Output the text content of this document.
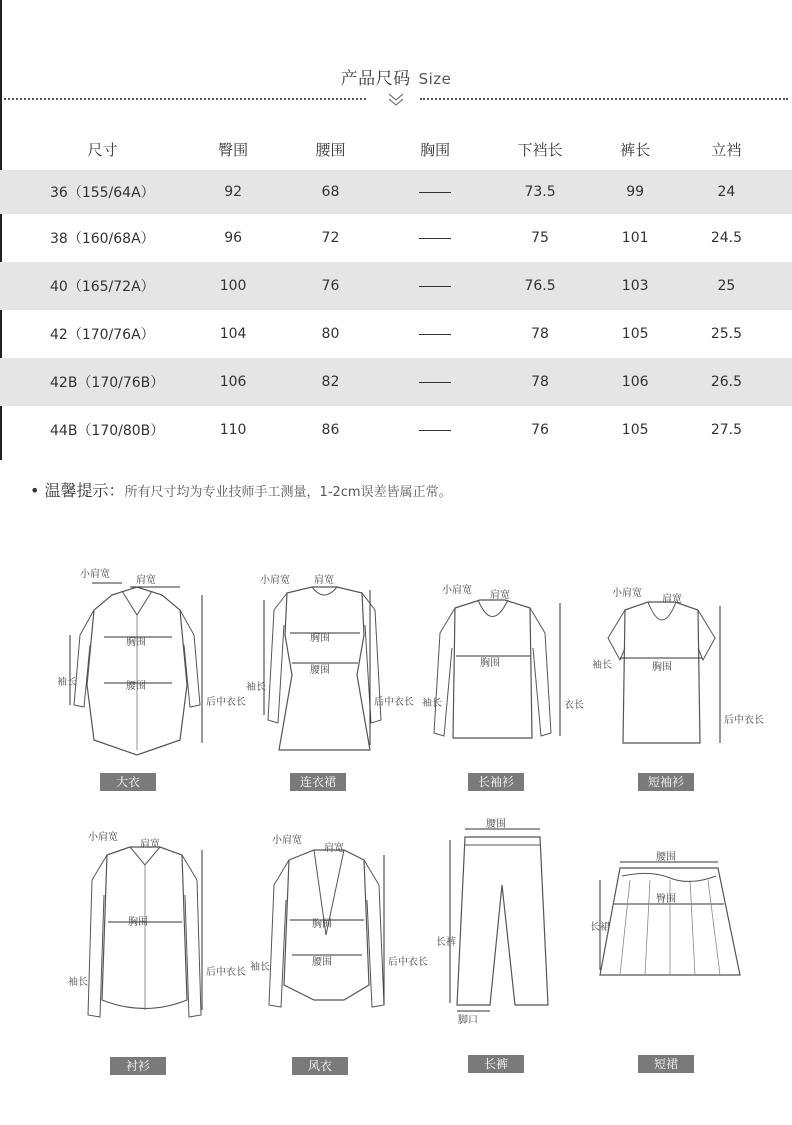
产品尺码 Size
尺寸	臀围	腰围	胸围	下裆长	裤长	立裆
36（155/64A）	92	68		73.5	99	24
38（160/68A）	96	72		75	101	24.5
40（165/72A）	100	76		76.5	103	25
42（170/76A）	104	80		78	105	25.5
42B（170/76B）	106	82		78	106	26.5
44B（170/80B）	110	86		76	105	27.5
• 温馨提示：所有尺寸均为专业技师手工测量，1-2cm误差皆属正常。
小肩宽
肩宽
胸围
腰围
袖长
后中衣长
大衣
小肩宽 肩宽
胸围
腰围
袖长
后中衣长
连衣裙
小肩宽 肩宽
胸围
袖长	衣长
长袖衫
小肩宽
肩宽
胸围
袖长
后中衣长
短袖衫
小肩宽
肩宽
胸围
袖长
后中衣长
衬衫
小肩宽
肩宽
胸围
腰围
袖长	后中衣长
风衣
腰围
长裤
脚口
长裤
腰围
臀围
长裙
短裙
